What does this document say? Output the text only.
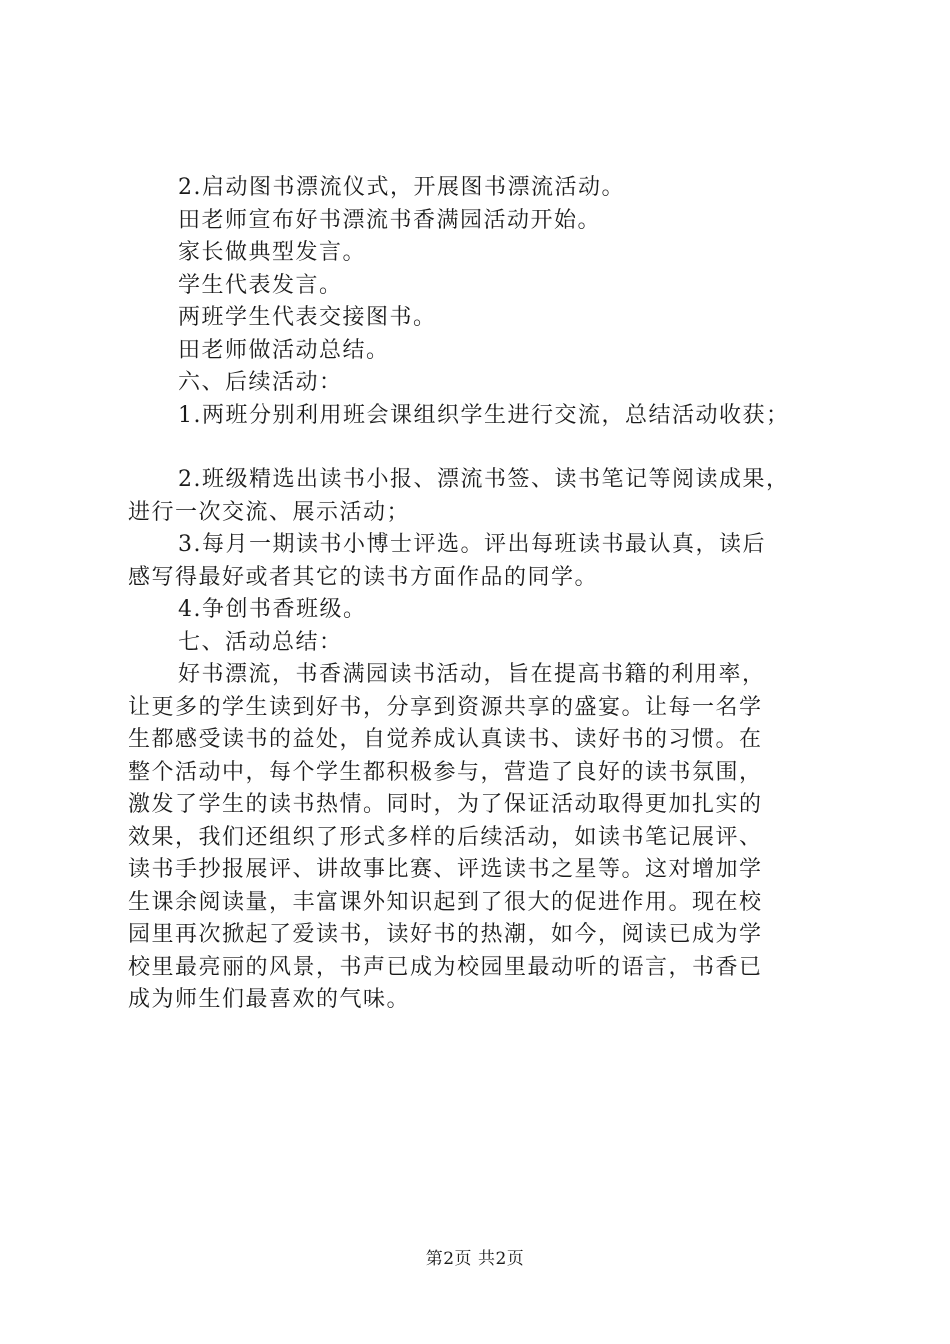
2.启动图书漂流仪式，开展图书漂流活动。

田老师宣布好书漂流书香满园活动开始。

家长做典型发言。

学生代表发言。

两班学生代表交接图书。

田老师做活动总结。

六、后续活动：

1.两班分别利用班会课组织学生进行交流，总结活动收获；

2.班级精选出读书小报、漂流书签、读书笔记等阅读成果，

进行一次交流、展示活动；

3.每月一期读书小博士评选。评出每班读书最认真，读后

感写得最好或者其它的读书方面作品的同学。

4.争创书香班级。

七、活动总结：

好书漂流，书香满园读书活动，旨在提高书籍的利用率，

让更多的学生读到好书，分享到资源共享的盛宴。让每一名学

生都感受读书的益处，自觉养成认真读书、读好书的习惯。在

整个活动中，每个学生都积极参与，营造了良好的读书氛围，

激发了学生的读书热情。同时，为了保证活动取得更加扎实的

效果，我们还组织了形式多样的后续活动，如读书笔记展评、

读书手抄报展评、讲故事比赛、评选读书之星等。这对增加学

生课余阅读量，丰富课外知识起到了很大的促进作用。现在校

园里再次掀起了爱读书，读好书的热潮，如今，阅读已成为学

校里最亮丽的风景，书声已成为校园里最动听的语言，书香已

成为师生们最喜欢的气味。

第2页 共2页
